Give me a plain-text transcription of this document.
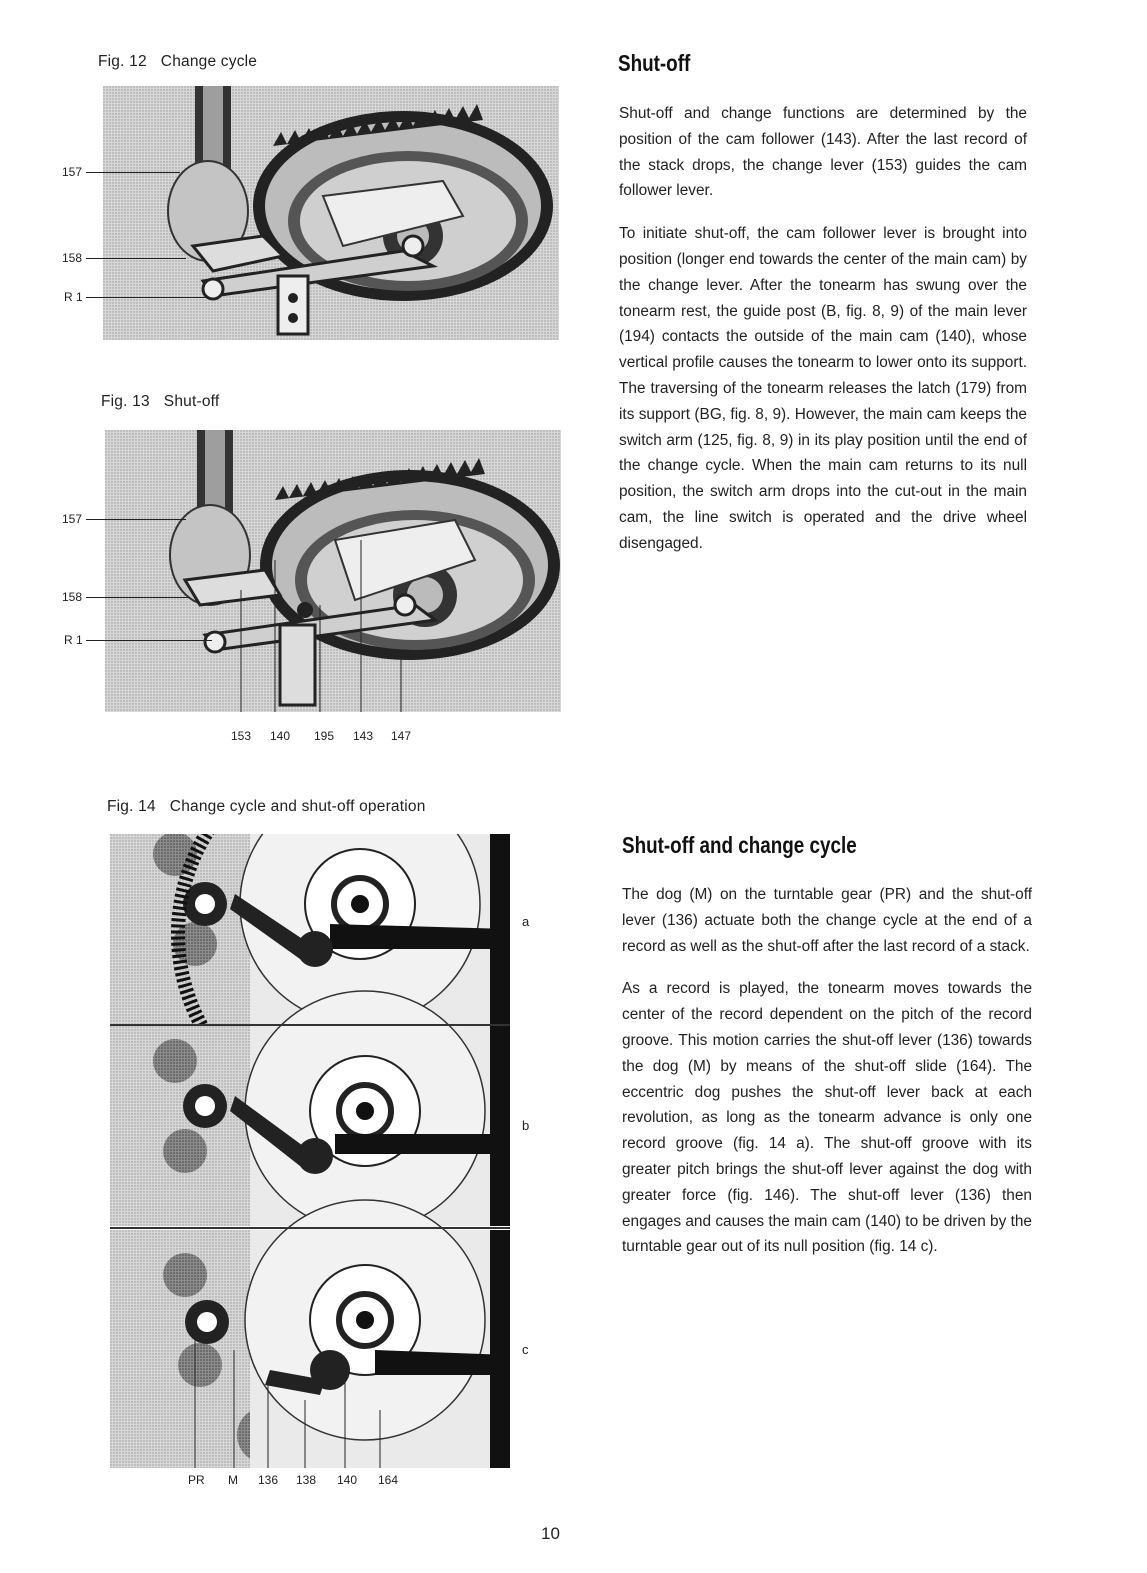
Fig. 12 Change cycle
157
158
R 1
Fig. 13 Shut-off
157
158
R 1
153 140 195 143 147
Fig. 14 Change cycle and shut-off operation
a
b
c
PR M 136 138 140 164
Shut-off

Shut-off and change functions are determined by the position of the cam follower (143). After the last record of the stack drops, the change lever (153) guides the cam follower lever.

To initiate shut-off, the cam follower lever is brought into position (longer end towards the center of the main cam) by the change lever. After the tonearm has swung over the tonearm rest, the guide post (B, fig. 8, 9) of the main lever (194) contacts the outside of the main cam (140), whose vertical profile causes the tonearm to lower onto its support. The traversing of the tonearm releases the latch (179) from its support (BG, fig. 8, 9). However, the main cam keeps the switch arm (125, fig. 8, 9) in its play position until the end of the change cycle. When the main cam returns to its null position, the switch arm drops into the cut-out in the main cam, the line switch is operated and the drive wheel disengaged.

Shut-off and change cycle

The dog (M) on the turntable gear (PR) and the shut-off lever (136) actuate both the change cycle at the end of a record as well as the shut-off after the last record of a stack.

As a record is played, the tonearm moves towards the center of the record dependent on the pitch of the record groove. This motion carries the shut-off lever (136) towards the dog (M) by means of the shut-off slide (164). The eccentric dog pushes the shut-off lever back at each revolution, as long as the tonearm advance is only one record groove (fig. 14 a). The shut-off groove with its greater pitch brings the shut-off lever against the dog with greater force (fig. 146). The shut-off lever (136) then engages and causes the main cam (140) to be driven by the turntable gear out of its null position (fig. 14 c).

10
